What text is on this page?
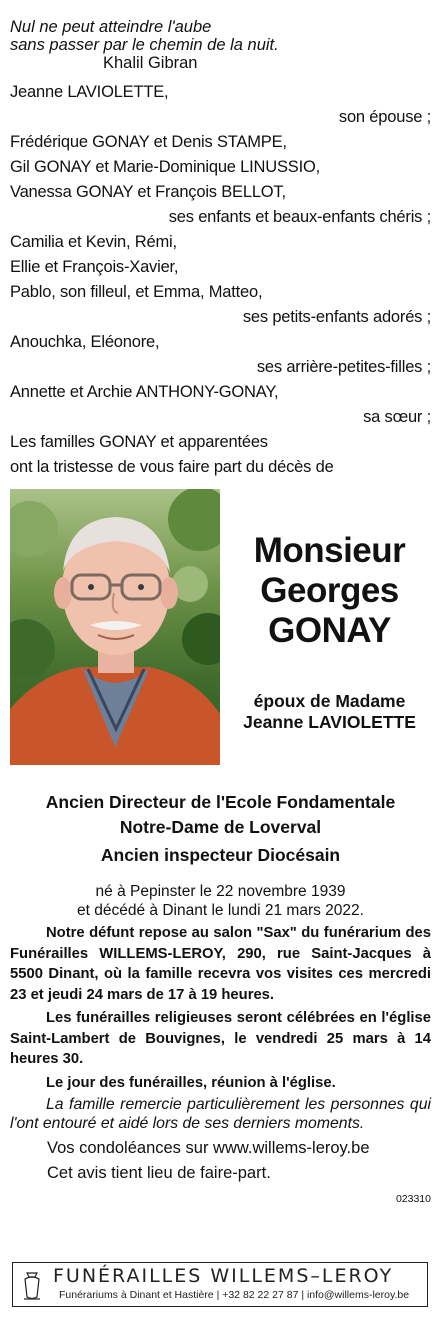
Nul ne peut atteindre l'aube
sans passer par le chemin de la nuit.
Khalil Gibran
Jeanne LAVIOLETTE,
son épouse ;
Frédérique GONAY et Denis STAMPE,
Gil GONAY et Marie-Dominique LINUSSIO,
Vanessa GONAY et François BELLOT,
ses enfants et beaux-enfants chéris ;
Camilia et Kevin, Rémi,
Ellie et François-Xavier,
Pablo, son filleul, et Emma, Matteo,
ses petits-enfants adorés ;
Anouchka, Eléonore,
ses arrière-petites-filles ;
Annette et Archie ANTHONY-GONAY,
sa sœur ;
Les familles GONAY et apparentées
ont la tristesse de vous faire part du décès de
Monsieur
Georges
GONAY
époux de Madame
Jeanne LAVIOLETTE
Ancien Directeur de l'Ecole Fondamentale
Notre-Dame de Loverval
Ancien inspecteur Diocésain
né à Pepinster le 22 novembre 1939
et décédé à Dinant le lundi 21 mars 2022.
Notre défunt repose au salon "Sax" du funérarium des Funérailles WILLEMS-LEROY, 290, rue Saint-Jacques à 5500 Dinant, où la famille recevra vos visites ces mercredi 23 et jeudi 24 mars de 17 à 19 heures.
Les funérailles religieuses seront célébrées en l'église Saint-Lambert de Bouvignes, le vendredi 25 mars à 14 heures 30.
Le jour des funérailles, réunion à l'église.
La famille remercie particulièrement les personnes qui l'ont entouré et aidé lors de ses derniers moments.
Vos condoléances sur www.willems-leroy.be
Cet avis tient lieu de faire-part.
023310
FUNÉRAILLES WILLEMS–LEROY
Funérariums à Dinant et Hastière | +32 82 22 27 87 | info@willems-leroy.be
